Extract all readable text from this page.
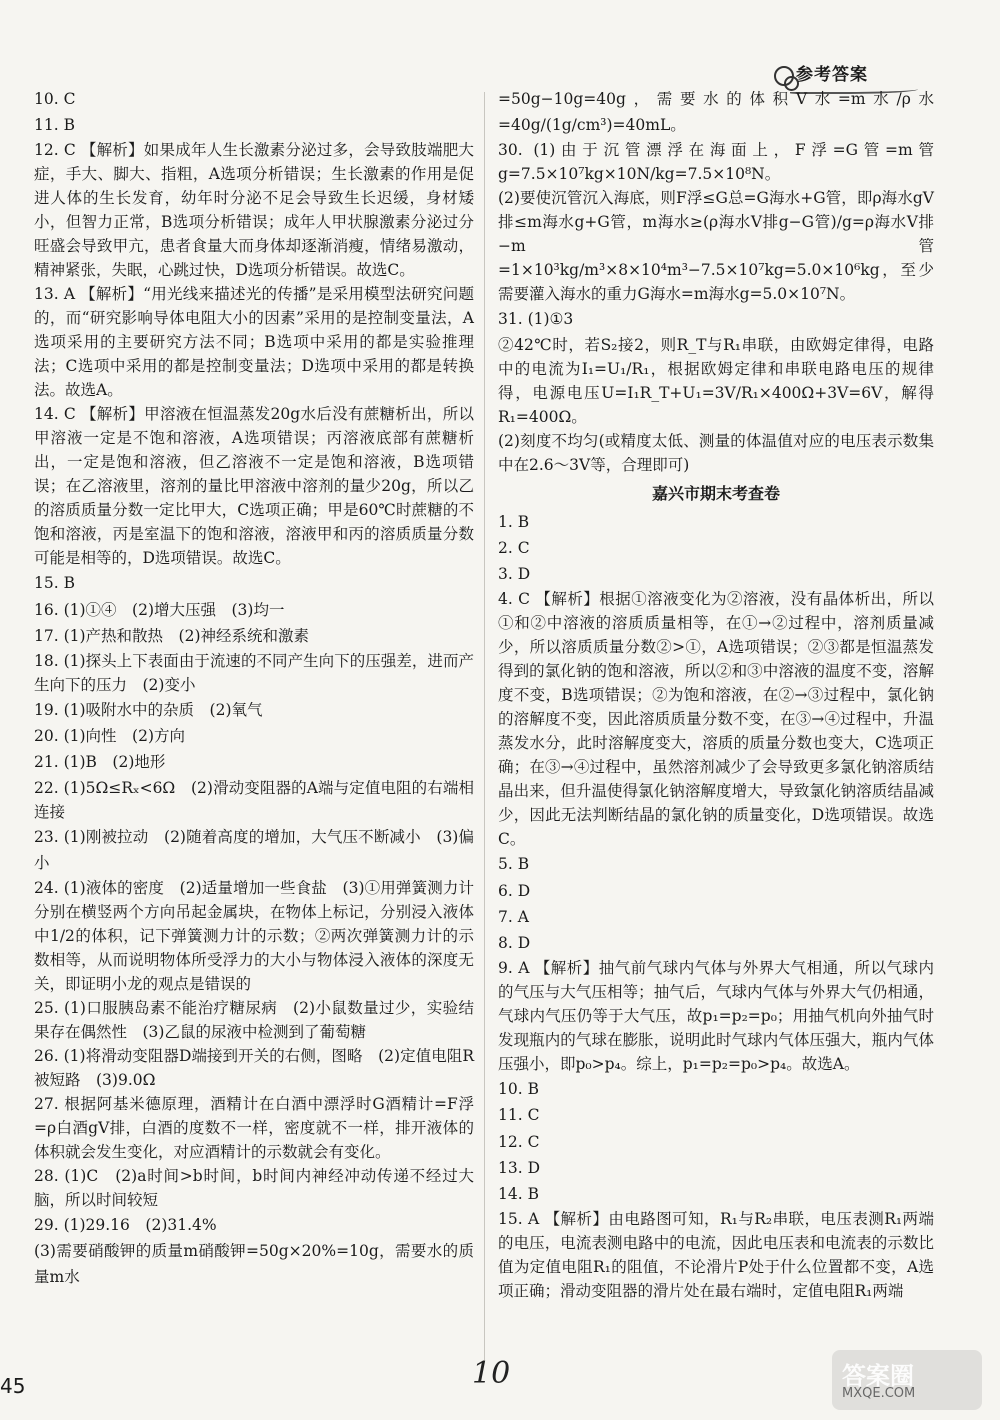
参考答案

10. C

11. B

12. C 【解析】如果成年人生长激素分泌过多，会导致肢端肥大症，手大、脚大、指粗，A选项分析错误；生长激素的作用是促进人体的生长发育，幼年时分泌不足会导致生长迟缓，身材矮小，但智力正常，B选项分析错误；成年人甲状腺激素分泌过分旺盛会导致甲亢，患者食量大而身体却逐渐消瘦，情绪易激动，精神紧张，失眠，心跳过快，D选项分析错误。故选C。

13. A 【解析】“用光线来描述光的传播”是采用模型法研究问题的，而“研究影响导体电阻大小的因素”采用的是控制变量法，A选项采用的主要研究方法不同；B选项中采用的都是实验推理法；C选项中采用的都是控制变量法；D选项中采用的都是转换法。故选A。

14. C 【解析】甲溶液在恒温蒸发20g水后没有蔗糖析出，所以甲溶液一定是不饱和溶液，A选项错误；丙溶液底部有蔗糖析出，一定是饱和溶液，但乙溶液不一定是饱和溶液，B选项错误；在乙溶液里，溶剂的量比甲溶液中溶剂的量少20g，所以乙的溶质质量分数一定比甲大，C选项正确；甲是60℃时蔗糖的不饱和溶液，丙是室温下的饱和溶液，溶液甲和丙的溶质质量分数可能是相等的，D选项错误。故选C。

15. B

16. (1)①④　(2)增大压强　(3)均一

17. (1)产热和散热　(2)神经系统和激素

18. (1)探头上下表面由于流速的不同产生向下的压强差，进而产生向下的压力　(2)变小

19. (1)吸附水中的杂质　(2)氧气

20. (1)向性　(2)方向

21. (1)B　(2)地形

22. (1)5Ω≤Rₓ<6Ω　(2)滑动变阻器的A端与定值电阻的右端相连接

23. (1)刚被拉动　(2)随着高度的增加，大气压不断减小　(3)偏小

24. (1)液体的密度　(2)适量增加一些食盐　(3)①用弹簧测力计分别在横竖两个方向吊起金属块，在物体上标记，分别浸入液体中1/2的体积，记下弹簧测力计的示数；②两次弹簧测力计的示数相等，从而说明物体所受浮力的大小与物体浸入液体的深度无关，即证明小龙的观点是错误的

25. (1)口服胰岛素不能治疗糖尿病　(2)小鼠数量过少，实验结果存在偶然性　(3)乙鼠的尿液中检测到了葡萄糖

26. (1)将滑动变阻器D端接到开关的右侧，图略　(2)定值电阻R被短路　(3)9.0Ω

27. 根据阿基米德原理，酒精计在白酒中漂浮时G酒精计=F浮=ρ白酒gV排，白酒的度数不一样，密度就不一样，排开液体的体积就会发生变化，对应酒精计的示数就会有变化。

28. (1)C　(2)a时间>b时间，b时间内神经冲动传递不经过大脑，所以时间较短

29. (1)29.16　(2)31.4%

(3)需要硝酸钾的质量m硝酸钾=50g×20%=10g，需要水的质量m水

=50g−10g=40g，需要水的体积V水=m水/ρ水=40g/(1g/cm³)=40mL。

30. (1)由于沉管漂浮在海面上，F浮=G管=m管g=7.5×10⁷kg×10N/kg=7.5×10⁸N。

(2)要使沉管沉入海底，则F浮≤G总=G海水+G管，即ρ海水gV排≤m海水g+G管，m海水≥(ρ海水V排g−G管)/g=ρ海水V排−m管=1×10³kg/m³×8×10⁴m³−7.5×10⁷kg=5.0×10⁶kg，至少需要灌入海水的重力G海水=m海水g=5.0×10⁷N。

31. (1)①3

②42℃时，若S₂接2，则R_T与R₁串联，由欧姆定律得，电路中的电流为I₁=U₁/R₁，根据欧姆定律和串联电路电压的规律得，电源电压U=I₁R_T+U₁=3V/R₁×400Ω+3V=6V，解得R₁=400Ω。

(2)刻度不均匀(或精度太低、测量的体温值对应的电压表示数集中在2.6～3V等，合理即可)

嘉兴市期末考查卷

1. B

2. C

3. D

4. C 【解析】根据①溶液变化为②溶液，没有晶体析出，所以①和②中溶液的溶质质量相等，在①→②过程中，溶剂质量减少，所以溶质质量分数②>①，A选项错误；②③都是恒温蒸发得到的氯化钠的饱和溶液，所以②和③中溶液的温度不变，溶解度不变，B选项错误；②为饱和溶液，在②→③过程中，氯化钠的溶解度不变，因此溶质质量分数不变，在③→④过程中，升温蒸发水分，此时溶解度变大，溶质的质量分数也变大，C选项正确；在③→④过程中，虽然溶剂减少了会导致更多氯化钠溶质结晶出来，但升温使得氯化钠溶解度增大，导致氯化钠溶质结晶减少，因此无法判断结晶的氯化钠的质量变化，D选项错误。故选C。

5. B

6. D

7. A

8. D

9. A 【解析】抽气前气球内气体与外界大气相通，所以气球内的气压与大气压相等；抽气后，气球内气体与外界大气仍相通，气球内气压仍等于大气压，故p₁=p₂=p₀；用抽气机向外抽气时发现瓶内的气球在膨胀，说明此时气球内气体压强大，瓶内气体压强小，即p₀>p₄。综上，p₁=p₂=p₀>p₄。故选A。

10. B

11. C

12. C

13. D

14. B

15. A 【解析】由电路图可知，R₁与R₂串联，电压表测R₁两端的电压，电流表测电路中的电流，因此电压表和电流表的示数比值为定值电阻R₁的阻值，不论滑片P处于什么位置都不变，A选项正确；滑动变阻器的滑片处在最右端时，定值电阻R₁两端

45	10	答案圈
MXQE.COM
